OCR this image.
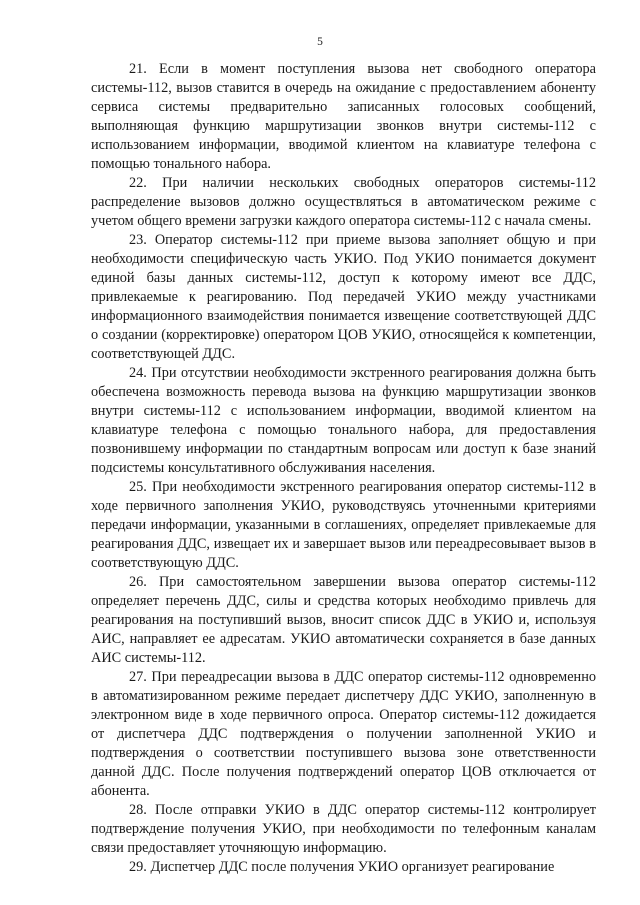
5

21. Если в момент поступления вызова нет свободного оператора системы-112, вызов ставится в очередь на ожидание с предоставлением абоненту сервиса системы предварительно записанных голосовых сообщений, выполняющая функцию маршрутизации звонков внутри системы-112 с использованием информации, вводимой клиентом на клавиатуре телефона с помощью тонального набора.

22. При наличии нескольких свободных операторов системы-112 распределение вызовов должно осуществляться в автоматическом режиме с учетом общего времени загрузки каждого оператора системы-112 с начала смены.

23. Оператор системы-112 при приеме вызова заполняет общую и при необходимости специфическую часть УКИО. Под УКИО понимается документ единой базы данных системы-112, доступ к которому имеют все ДДС, привлекаемые к реагированию. Под передачей УКИО между участниками информационного взаимодействия понимается извещение соответствующей ДДС о создании (корректировке) оператором ЦОВ УКИО, относящейся к компетенции, соответствующей ДДС.

24. При отсутствии необходимости экстренного реагирования должна быть обеспечена возможность перевода вызова на функцию маршрутизации звонков внутри системы-112 с использованием информации, вводимой клиентом на клавиатуре телефона с помощью тонального набора, для предоставления позвонившему информации по стандартным вопросам или доступ к базе знаний подсистемы консультативного обслуживания населения.

25. При необходимости экстренного реагирования оператор системы-112 в ходе первичного заполнения УКИО, руководствуясь уточненными критериями передачи информации, указанными в соглашениях, определяет привлекаемые для реагирования ДДС, извещает их и завершает вызов или переадресовывает вызов в соответствующую ДДС.

26. При самостоятельном завершении вызова оператор системы-112 определяет перечень ДДС, силы и средства которых необходимо привлечь для реагирования на поступивший вызов, вносит список ДДС в УКИО и, используя АИС, направляет ее адресатам. УКИО автоматически сохраняется в базе данных АИС системы-112.

27. При переадресации вызова в ДДС оператор системы-112 одновременно в автоматизированном режиме передает диспетчеру ДДС УКИО, заполненную в электронном виде в ходе первичного опроса. Оператор системы-112 дожидается от диспетчера ДДС подтверждения о получении заполненной УКИО и подтверждения о соответствии поступившего вызова зоне ответственности данной ДДС. После получения подтверждений оператор ЦОВ отключается от абонента.

28. После отправки УКИО в ДДС оператор системы-112 контролирует подтверждение получения УКИО, при необходимости по телефонным каналам связи предоставляет уточняющую информацию.

29. Диспетчер ДДС после получения УКИО организует реагирование
